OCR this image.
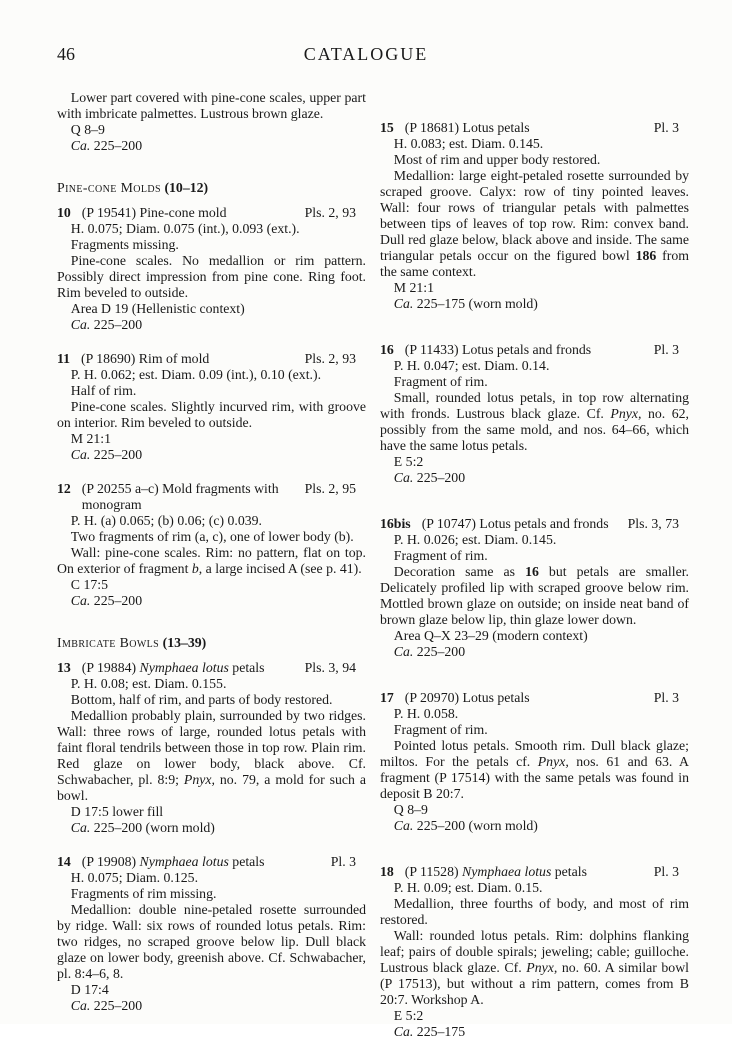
46	CATALOGUE

Lower part covered with pine-cone scales, upper part with imbricate palmettes. Lustrous brown glaze.

Q 8–9

Ca. 225–200

Pine-cone Molds (10–12)

10 (P 19541) Pine-cone mold	Pls. 2, 93

H. 0.075; Diam. 0.075 (int.), 0.093 (ext.).

Fragments missing.

Pine-cone scales. No medallion or rim pattern. Possibly direct impression from pine cone. Ring foot. Rim beveled to outside.

Area D 19 (Hellenistic context)

Ca. 225–200

11 (P 18690) Rim of mold	Pls. 2, 93

P. H. 0.062; est. Diam. 0.09 (int.), 0.10 (ext.).

Half of rim.

Pine-cone scales. Slightly incurved rim, with groove on interior. Rim beveled to outside.

M 21:1

Ca. 225–200

12 (P 20255 a–c) Mold fragments with monogram
Pls. 2, 95

P. H. (a) 0.065; (b) 0.06; (c) 0.039.

Two fragments of rim (a, c), one of lower body (b).

Wall: pine-cone scales. Rim: no pattern, flat on top. On exterior of fragment b, a large incised A (see p. 41).

C 17:5

Ca. 225–200

Imbricate Bowls (13–39)

13 (P 19884) Nymphaea lotus petals	Pls. 3, 94

P. H. 0.08; est. Diam. 0.155.

Bottom, half of rim, and parts of body restored.

Medallion probably plain, surrounded by two ridges. Wall: three rows of large, rounded lotus petals with faint floral tendrils between those in top row. Plain rim. Red glaze on lower body, black above. Cf. Schwabacher, pl. 8:9; Pnyx, no. 79, a mold for such a bowl.

D 17:5 lower fill

Ca. 225–200 (worn mold)

14 (P 19908) Nymphaea lotus petals	Pl. 3

H. 0.075; Diam. 0.125.

Fragments of rim missing.

Medallion: double nine-petaled rosette surrounded by ridge. Wall: six rows of rounded lotus petals. Rim: two ridges, no scraped groove below lip. Dull black glaze on lower body, greenish above. Cf. Schwabacher, pl. 8:4–6, 8.

D 17:4

Ca. 225–200

15 (P 18681) Lotus petals	Pl. 3

H. 0.083; est. Diam. 0.145.

Most of rim and upper body restored.

Medallion: large eight-petaled rosette surrounded by scraped groove. Calyx: row of tiny pointed leaves. Wall: four rows of triangular petals with palmettes between tips of leaves of top row. Rim: convex band. Dull red glaze below, black above and inside. The same triangular petals occur on the figured bowl 186 from the same context.

M 21:1

Ca. 225–175 (worn mold)

16 (P 11433) Lotus petals and fronds	Pl. 3

P. H. 0.047; est. Diam. 0.14.

Fragment of rim.

Small, rounded lotus petals, in top row alternating with fronds. Lustrous black glaze. Cf. Pnyx, no. 62, possibly from the same mold, and nos. 64–66, which have the same lotus petals.

E 5:2

Ca. 225–200

16bis (P 10747) Lotus petals and fronds	Pls. 3, 73

P. H. 0.026; est. Diam. 0.145.

Fragment of rim.

Decoration same as 16 but petals are smaller. Delicately profiled lip with scraped groove below rim. Mottled brown glaze on outside; on inside neat band of brown glaze below lip, thin glaze lower down.

Area Q–X 23–29 (modern context)

Ca. 225–200

17 (P 20970) Lotus petals	Pl. 3

P. H. 0.058.

Fragment of rim.

Pointed lotus petals. Smooth rim. Dull black glaze; miltos. For the petals cf. Pnyx, nos. 61 and 63. A fragment (P 17514) with the same petals was found in deposit B 20:7.

Q 8–9

Ca. 225–200 (worn mold)

18 (P 11528) Nymphaea lotus petals	Pl. 3

P. H. 0.09; est. Diam. 0.15.

Medallion, three fourths of body, and most of rim restored.

Wall: rounded lotus petals. Rim: dolphins flanking leaf; pairs of double spirals; jeweling; cable; guilloche. Lustrous black glaze. Cf. Pnyx, no. 60. A similar bowl (P 17513), but without a rim pattern, comes from B 20:7. Workshop A.

E 5:2

Ca. 225–175
